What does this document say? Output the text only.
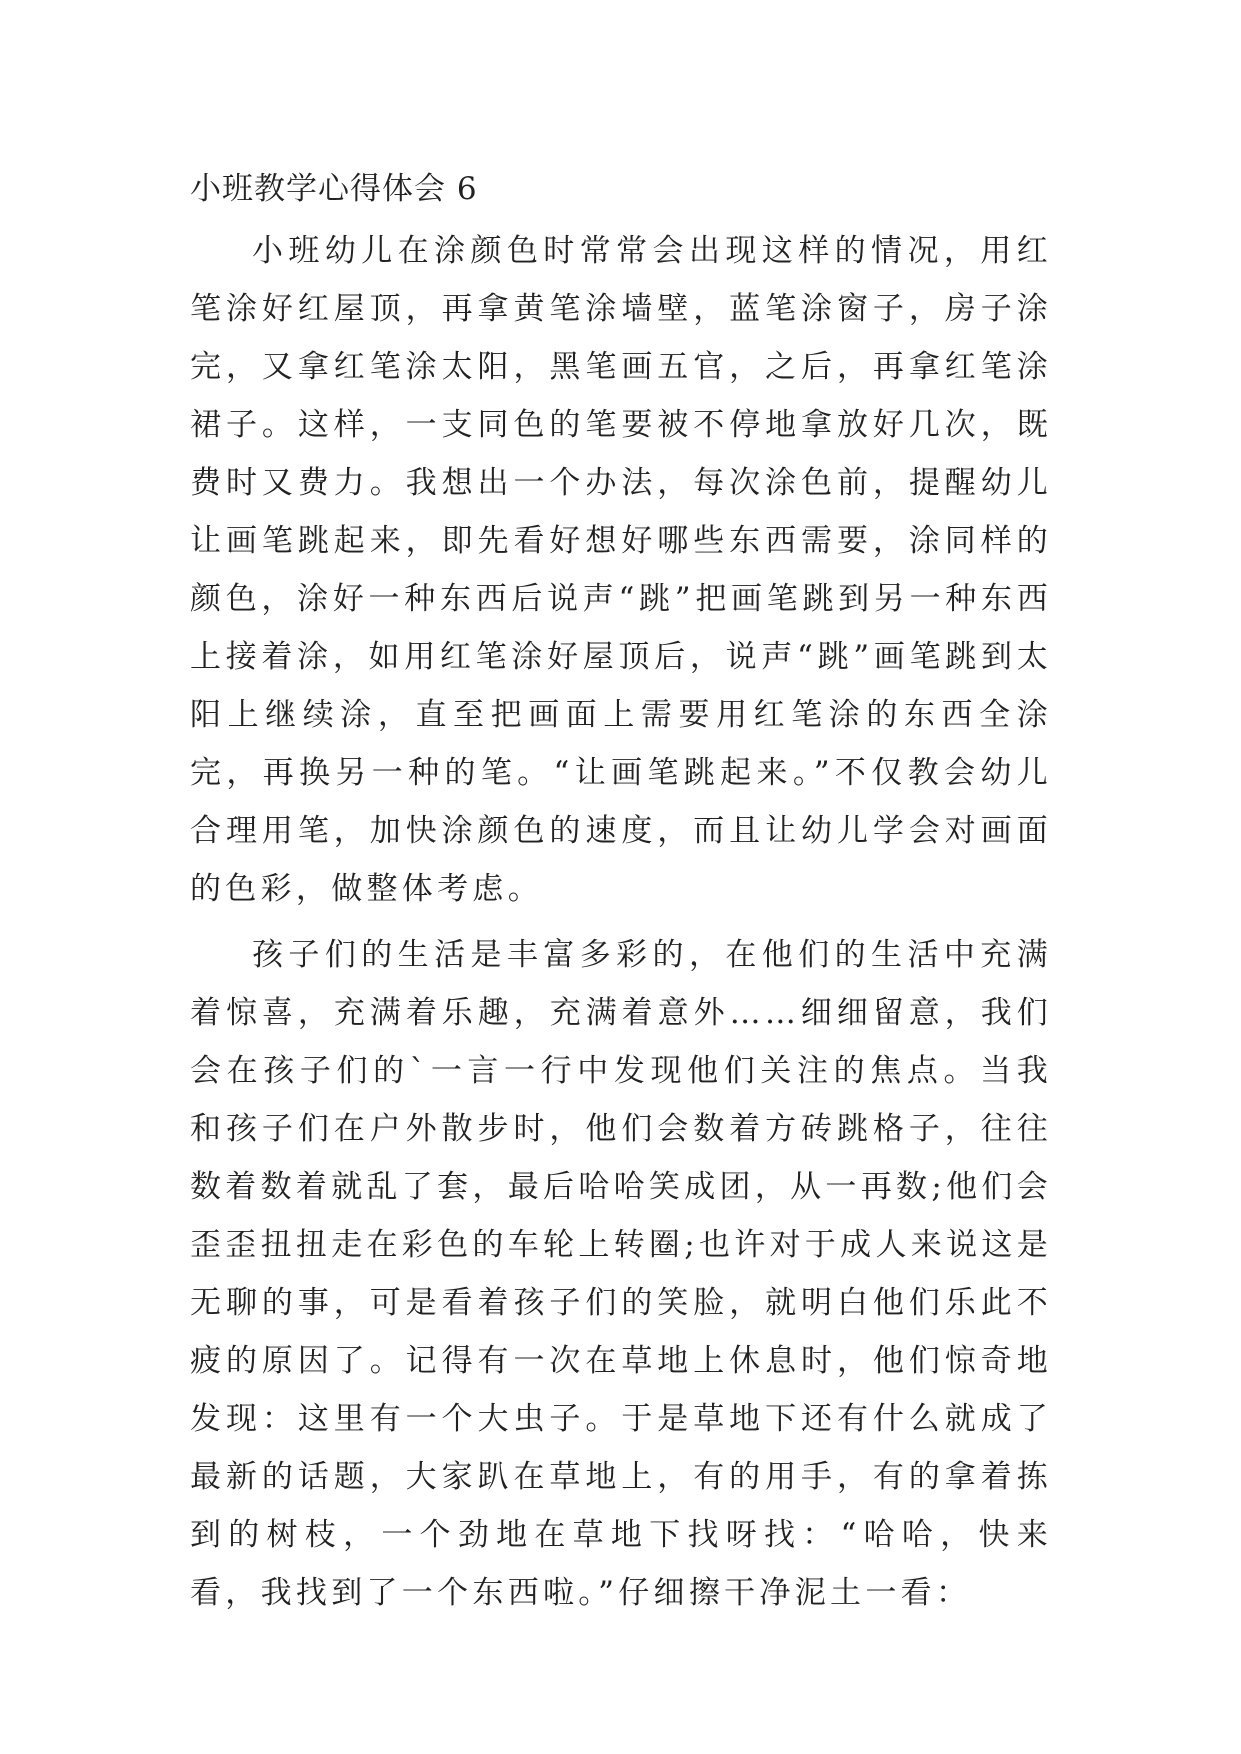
小班教学心得体会 6

小班幼儿在涂颜色时常常会出现这样的情况，用红笔涂好红屋顶，再拿黄笔涂墙壁，蓝笔涂窗子，房子涂完，又拿红笔涂太阳，黑笔画五官，之后，再拿红笔涂裙子。这样，一支同色的笔要被不停地拿放好几次，既费时又费力。我想出一个办法，每次涂色前，提醒幼儿让画笔跳起来，即先看好想好哪些东西需要，涂同样的颜色，涂好一种东西后说声“跳”把画笔跳到另一种东西上接着涂，如用红笔涂好屋顶后，说声“跳”画笔跳到太阳上继续涂，直至把画面上需要用红笔涂的东西全涂完，再换另一种的笔。“让画笔跳起来。”不仅教会幼儿合理用笔，加快涂颜色的速度，而且让幼儿学会对画面的色彩，做整体考虑。

孩子们的生活是丰富多彩的，在他们的生活中充满着惊喜，充满着乐趣，充满着意外……细细留意，我们会在孩子们的`一言一行中发现他们关注的焦点。当我和孩子们在户外散步时，他们会数着方砖跳格子，往往数着数着就乱了套，最后哈哈笑成团，从一再数;他们会歪歪扭扭走在彩色的车轮上转圈;也许对于成人来说这是无聊的事，可是看着孩子们的笑脸，就明白他们乐此不疲的原因了。记得有一次在草地上休息时，他们惊奇地发现：这里有一个大虫子。于是草地下还有什么就成了最新的话题，大家趴在草地上，有的用手，有的拿着拣到的树枝，一个劲地在草地下找呀找：“哈哈，快来看，我找到了一个东西啦。”仔细擦干净泥土一看：
